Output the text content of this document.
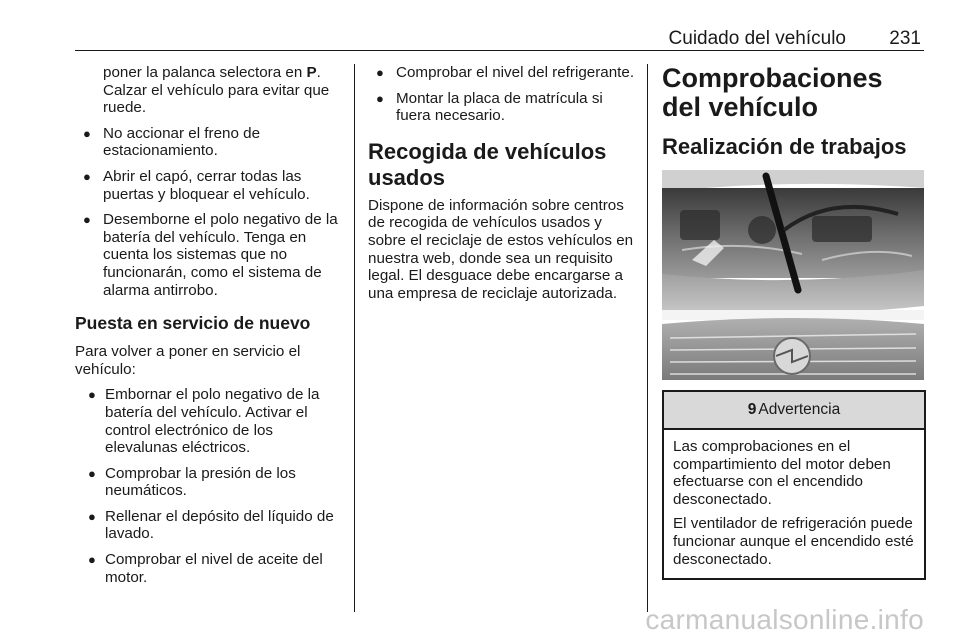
Cuidado del vehículo 231

poner la palanca selectora en P. Calzar el vehículo para evitar que ruede.

● No accionar el freno de estacionamiento.
● Abrir el capó, cerrar todas las puertas y bloquear el vehículo.
● Desemborne el polo negativo de la batería del vehículo. Tenga en cuenta los sistemas que no funcionarán, como el sistema de alarma antirrobo.
Puesta en servicio de nuevo

Para volver a poner en servicio el vehículo:

● Embornar el polo negativo de la batería del vehículo. Activar el control electrónico de los elevalunas eléctricos.
● Comprobar la presión de los neumáticos.
● Rellenar el depósito del líquido de lavado.
● Comprobar el nivel de aceite del motor.
● Comprobar el nivel del refrigerante.
● Montar la placa de matrícula si fuera necesario.
Recogida de vehículos usados

Dispone de información sobre centros de recogida de vehículos usados y sobre el reciclaje de estos vehículos en nuestra web, donde sea un requisito legal. El desguace debe encargarse a una empresa de reciclaje autorizada.

Comprobaciones del vehículo
Realización de trabajos
9 Advertencia

Las comprobaciones en el compartimiento del motor deben efectuarse con el encendido desconectado.

El ventilador de refrigeración puede funcionar aunque el encendido esté desconectado.

carmanualsonline.info
